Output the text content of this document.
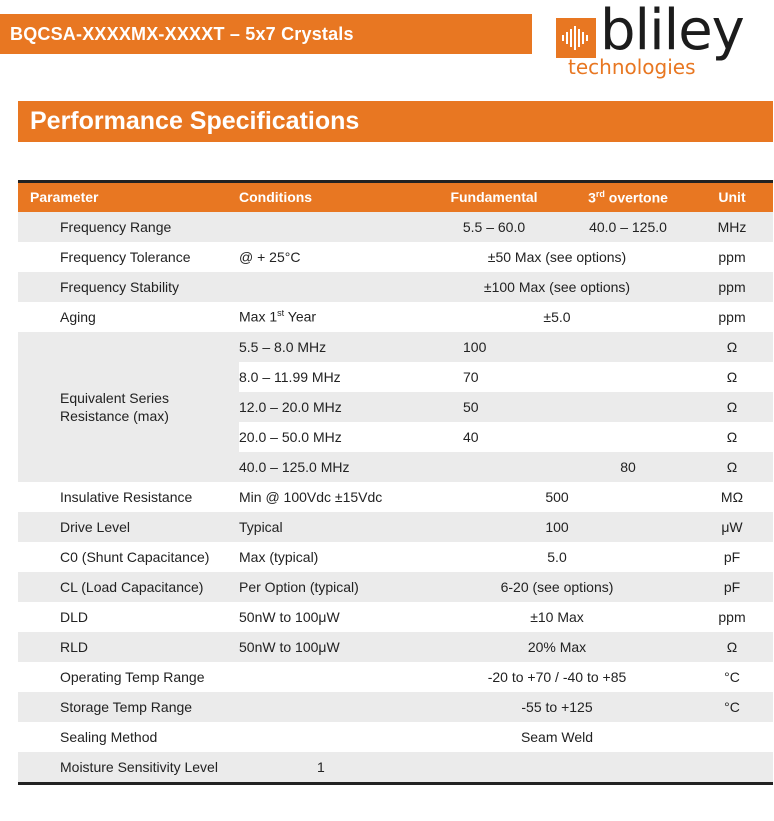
BQCSA-XXXXMX-XXXXT – 5x7 Crystals	bliley
technologies
Performance Specifications
Parameter	Conditions	Fundamental	3rd overtone	Unit
Frequency Range		5.5 – 60.0	40.0 – 125.0	MHz
Frequency Tolerance	@ + 25°C	±50 Max (see options)		ppm
Frequency Stability		±100 Max (see options)		ppm
Aging	Max 1st Year	±5.0		ppm

Equivalent Series
Resistance (max)	5.5 – 8.0 MHz	100		Ω
	8.0 – 11.99 MHz	70		Ω
	12.0 – 20.0 MHz	50		Ω
	20.0 – 50.0 MHz	40		Ω
	40.0 – 125.0 MHz		80	Ω
Insulative Resistance	Min @ 100Vdc ±15Vdc	500		MΩ
Drive Level	Typical	100		μW
C0 (Shunt Capacitance)	Max (typical)	5.0		pF
CL (Load Capacitance)	Per Option (typical)	6-20 (see options)		pF
DLD	50nW to 100μW	±10 Max		ppm
RLD	50nW to 100μW	20% Max		Ω
Operating Temp Range		-20 to +70 / -40 to +85		°C
Storage Temp Range		-55 to +125		°C
Sealing Method		Seam Weld		
Moisture Sensitivity Level	1			
